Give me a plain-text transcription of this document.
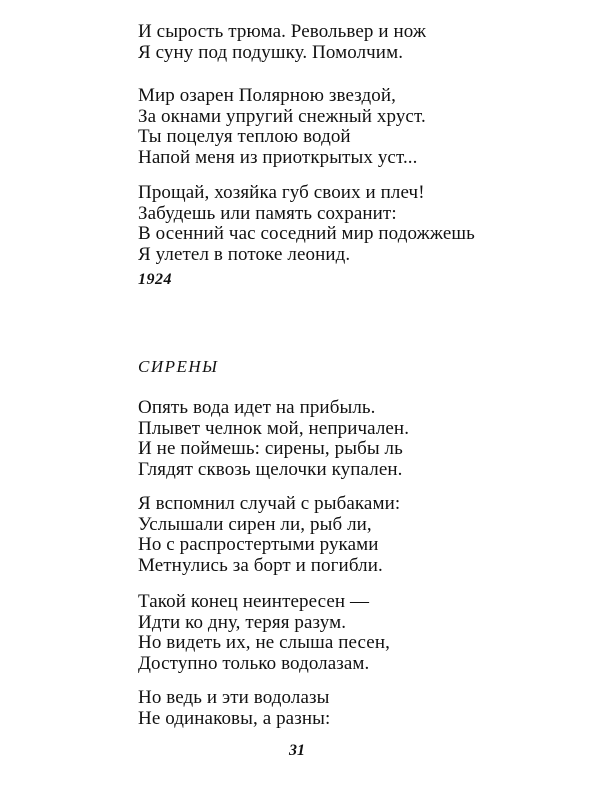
И сырость трюма. Револьвер и нож
Я суну под подушку. Помолчим.
Мир озарен Полярною звездой,
За окнами упругий снежный хруст.
Ты поцелуя теплою водой
Напой меня из приоткрытых уст...
Прощай, хозяйка губ своих и плеч!
Забудешь или память сохранит:
В осенний час соседний мир подожжешь
Я улетел в потоке леонид.
1924
СИРЕНЫ
Опять вода идет на прибыль.
Плывет челнок мой, непричален.
И не поймешь: сирены, рыбы ль
Глядят сквозь щелочки купален.
Я вспомнил случай с рыбаками:
Услышали сирен ли, рыб ли,
Но с распростертыми руками
Метнулись за борт и погибли.
Такой конец неинтересен —
Идти ко дну, теряя разум.
Но видеть их, не слыша песен,
Доступно только водолазам.
Но ведь и эти водолазы
Не одинаковы, а разны:
31
